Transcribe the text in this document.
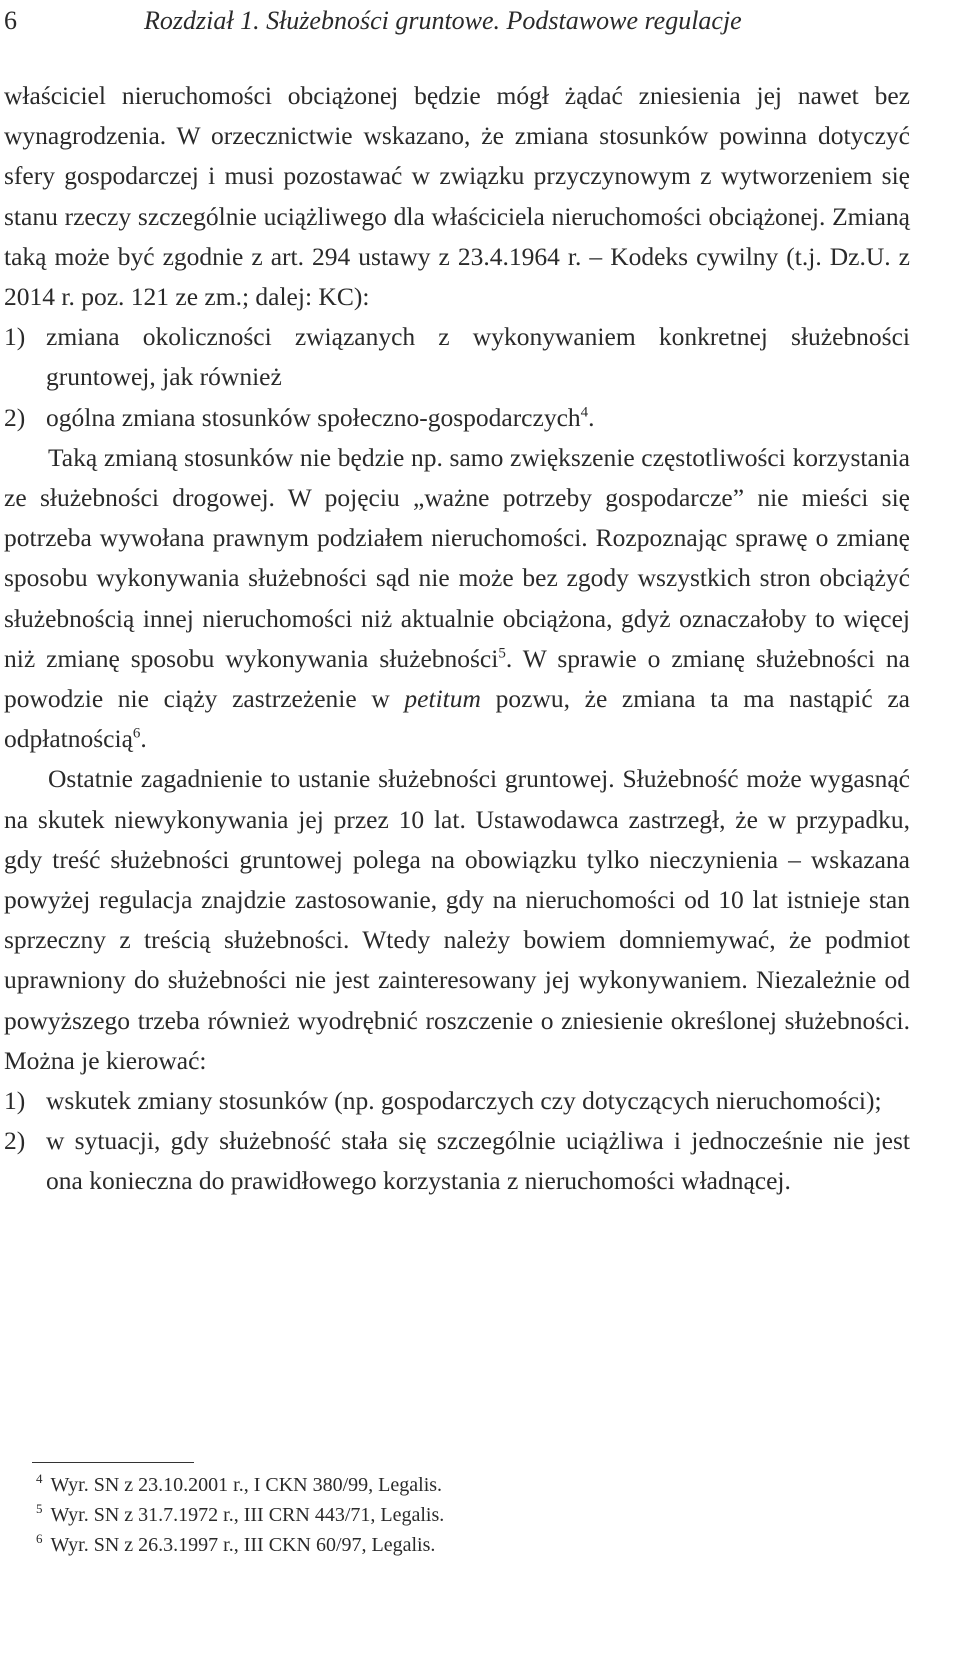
6	Rozdział 1. Służebności gruntowe. Podstawowe regulacje

właściciel nieruchomości obciążonej będzie mógł żądać zniesienia jej nawet bez wynagrodzenia. W orzecznictwie wskazano, że zmiana stosunków powinna dotyczyć sfery gospodarczej i musi pozostawać w związku przyczynowym z wytworzeniem się stanu rzeczy szczególnie uciążliwego dla właściciela nieruchomości obciążonej. Zmianą taką może być zgodnie z art. 294 ustawy z 23.4.1964 r. – Kodeks cywilny (t.j. Dz.U. z 2014 r. poz. 121 ze zm.; dalej: KC):

1) zmiana okoliczności związanych z wykonywaniem konkretnej służebności gruntowej, jak również
2) ogólna zmiana stosunków społeczno-gospodarczych$^4$.

Taką zmianą stosunków nie będzie np. samo zwiększenie częstotliwości korzystania ze służebności drogowej. W pojęciu „ważne potrzeby gospodarcze” nie mieści się potrzeba wywołana prawnym podziałem nieruchomości. Rozpoznając sprawę o zmianę sposobu wykonywania służebności sąd nie może bez zgody wszystkich stron obciążyć służebnością innej nieruchomości niż aktualnie obciążona, gdyż oznaczałoby to więcej niż zmianę sposobu wykonywania służebności$^5$. W sprawie o zmianę służebności na powodzie nie ciąży zastrzeżenie w petitum pozwu, że zmiana ta ma nastąpić za odpłatnością$^6$.

Ostatnie zagadnienie to ustanie służebności gruntowej. Służebność może wygasnąć na skutek niewykonywania jej przez 10 lat. Ustawodawca zastrzegł, że w przypadku, gdy treść służebności gruntowej polega na obowiązku tylko nieczynienia – wskazana powyżej regulacja znajdzie zastosowanie, gdy na nieruchomości od 10 lat istnieje stan sprzeczny z treścią służebności. Wtedy należy bowiem domniemywać, że podmiot uprawniony do służebności nie jest zainteresowany jej wykonywaniem. Niezależnie od powyższego trzeba również wyodrębnić roszczenie o zniesienie określonej służebności. Można je kierować:

1) wskutek zmiany stosunków (np. gospodarczych czy dotyczących nieruchomości);
2) w sytuacji, gdy służebność stała się szczególnie uciążliwa i jednocześnie nie jest ona konieczna do prawidłowego korzystania z nieruchomości władnącej.
$^4$ Wyr. SN z 23.10.2001 r., I CKN 380/99, Legalis.
$^5$ Wyr. SN z 31.7.1972 r., III CRN 443/71, Legalis.
$^6$ Wyr. SN z 26.3.1997 r., III CKN 60/97, Legalis.
